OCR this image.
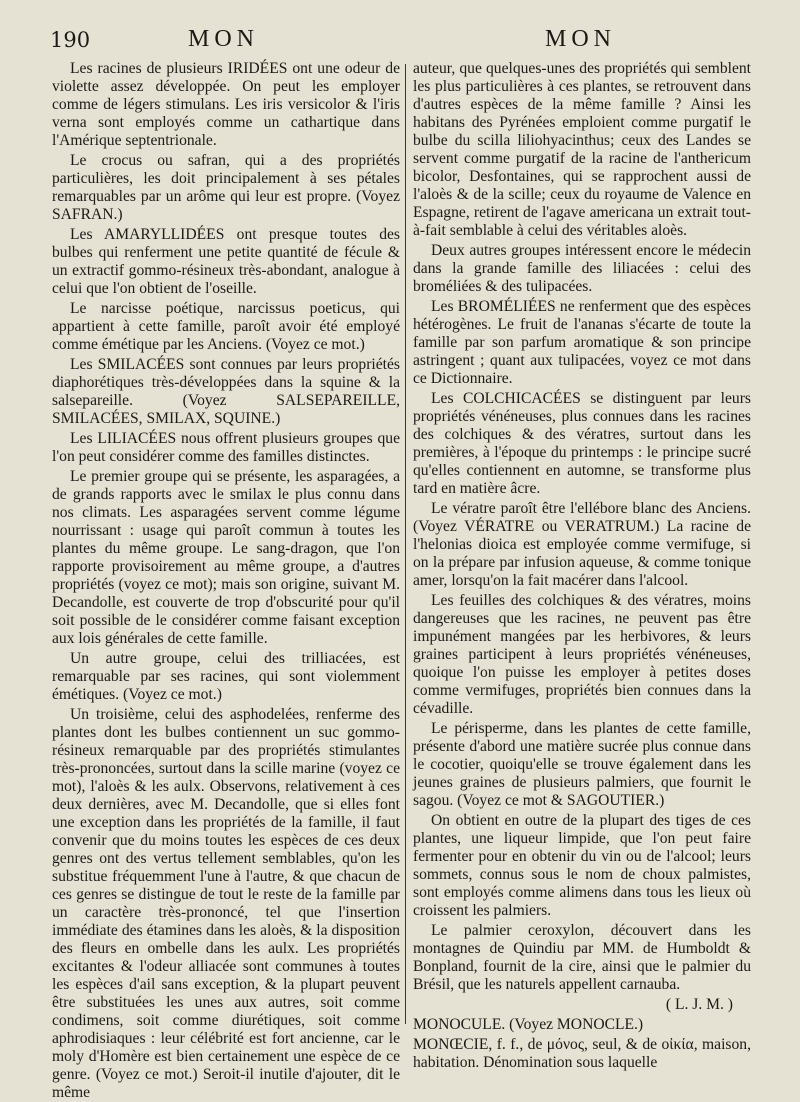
190	MON	MON

Les racines de plusieurs IRIDÉES ont une odeur de violette assez développée. On peut les employer comme de légers stimulans. Les iris versicolor & l'iris verna sont employés comme un cathartique dans l'Amérique septentrionale.

Le crocus ou safran, qui a des propriétés particulières, les doit principalement à ses pétales remarquables par un arôme qui leur est propre. (Voyez SAFRAN.)

Les AMARYLLIDÉES ont presque toutes des bulbes qui renferment une petite quantité de fécule & un extractif gommo-résineux très-abondant, analogue à celui que l'on obtient de l'oseille.

Le narcisse poétique, narcissus poeticus, qui appartient à cette famille, paroît avoir été employé comme émétique par les Anciens. (Voyez ce mot.)

Les SMILACÉES sont connues par leurs propriétés diaphorétiques très-développées dans la squine & la salsepareille. (Voyez SALSEPAREILLE, SMILACÉES, SMILAX, SQUINE.)

Les LILIACÉES nous offrent plusieurs groupes que l'on peut considérer comme des familles distinctes.

Le premier groupe qui se présente, les asparagées, a de grands rapports avec le smilax le plus connu dans nos climats. Les asparagées servent comme légume nourrissant : usage qui paroît commun à toutes les plantes du même groupe. Le sang-dragon, que l'on rapporte provisoirement au même groupe, a d'autres propriétés (voyez ce mot); mais son origine, suivant M. Decandolle, est couverte de trop d'obscurité pour qu'il soit possible de le considérer comme faisant exception aux lois générales de cette famille.

Un autre groupe, celui des trilliacées, est remarquable par ses racines, qui sont violemment émétiques. (Voyez ce mot.)

Un troisième, celui des asphodelées, renferme des plantes dont les bulbes contiennent un suc gommo-résineux remarquable par des propriétés stimulantes très-prononcées, surtout dans la scille marine (voyez ce mot), l'aloès & les aulx. Observons, relativement à ces deux dernières, avec M. Decandolle, que si elles font une exception dans les propriétés de la famille, il faut convenir que du moins toutes les espèces de ces deux genres ont des vertus tellement semblables, qu'on les substitue fréquemment l'une à l'autre, & que chacun de ces genres se distingue de tout le reste de la famille par un caractère très-prononcé, tel que l'insertion immédiate des étamines dans les aloès, & la disposition des fleurs en ombelle dans les aulx. Les propriétés excitantes & l'odeur alliacée sont communes à toutes les espèces d'ail sans exception, & la plupart peuvent être substituées les unes aux autres, soit comme condimens, soit comme diurétiques, soit comme aphrodisiaques : leur célébrité est fort ancienne, car le moly d'Homère est bien certainement une espèce de ce genre. (Voyez ce mot.) Seroit-il inutile d'ajouter, dit le même

auteur, que quelques-unes des propriétés qui semblent les plus particulières à ces plantes, se retrouvent dans d'autres espèces de la même famille ? Ainsi les habitans des Pyrénées emploient comme purgatif le bulbe du scilla liliohyacinthus; ceux des Landes se servent comme purgatif de la racine de l'anthericum bicolor, Desfontaines, qui se rapprochent aussi de l'aloès & de la scille; ceux du royaume de Valence en Espagne, retirent de l'agave americana un extrait tout-à-fait semblable à celui des véritables aloès.

Deux autres groupes intéressent encore le médecin dans la grande famille des liliacées : celui des broméliées & des tulipacées.

Les BROMÉLIÉES ne renferment que des espèces hétérogènes. Le fruit de l'ananas s'écarte de toute la famille par son parfum aromatique & son principe astringent ; quant aux tulipacées, voyez ce mot dans ce Dictionnaire.

Les COLCHICACÉES se distinguent par leurs propriétés vénéneuses, plus connues dans les racines des colchiques & des vératres, surtout dans les premières, à l'époque du printemps : le principe sucré qu'elles contiennent en automne, se transforme plus tard en matière âcre.

Le vératre paroît être l'ellébore blanc des Anciens. (Voyez VÉRATRE ou VERATRUM.) La racine de l'helonias dioica est employée comme vermifuge, si on la prépare par infusion aqueuse, & comme tonique amer, lorsqu'on la fait macérer dans l'alcool.

Les feuilles des colchiques & des vératres, moins dangereuses que les racines, ne peuvent pas être impunément mangées par les herbivores, & leurs graines participent à leurs propriétés vénéneuses, quoique l'on puisse les employer à petites doses comme vermifuges, propriétés bien connues dans la cévadille.

Le périsperme, dans les plantes de cette famille, présente d'abord une matière sucrée plus connue dans le cocotier, quoiqu'elle se trouve également dans les jeunes graines de plusieurs palmiers, que fournit le sagou. (Voyez ce mot & SAGOUTIER.)

On obtient en outre de la plupart des tiges de ces plantes, une liqueur limpide, que l'on peut faire fermenter pour en obtenir du vin ou de l'alcool; leurs sommets, connus sous le nom de choux palmistes, sont employés comme alimens dans tous les lieux où croissent les palmiers.

Le palmier ceroxylon, découvert dans les montagnes de Quindiu par MM. de Humboldt & Bonpland, fournit de la cire, ainsi que le palmier du Brésil, que les naturels appellent carnauba.

( L. J. M. )

MONOCULE. (Voyez MONOCLE.)

MONŒCIE, f. f., de μόνος, seul, & de οἰκία, maison, habitation. Dénomination sous laquelle
